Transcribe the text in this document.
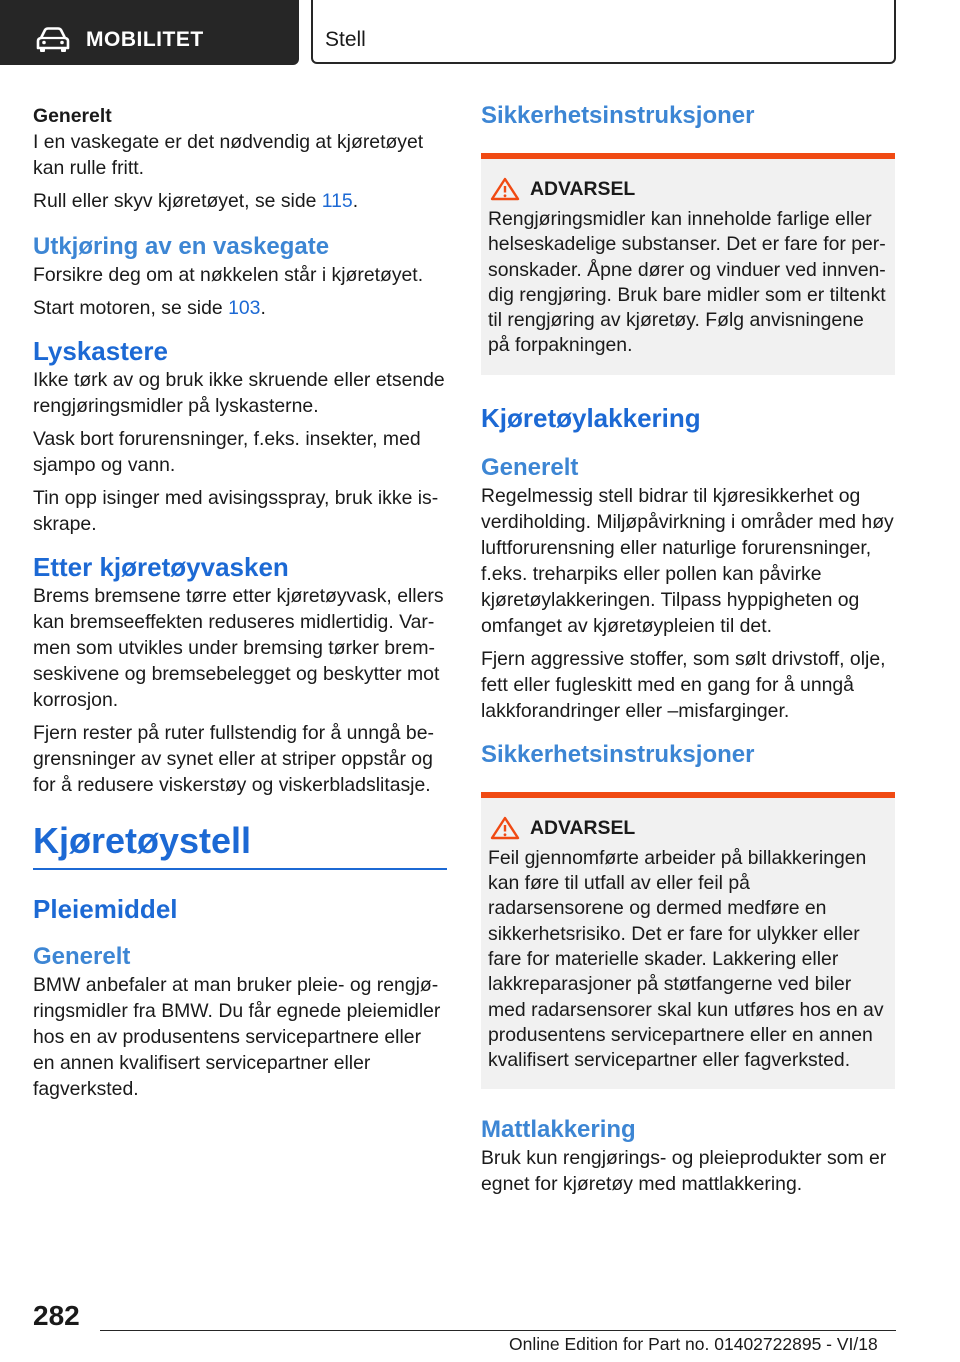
MOBILITET	Stell

Generelt

I en vaskegate er det nødvendig at kjøretøyet kan rulle fritt.

Rull eller skyv kjøretøyet, se side 115.

Utkjøring av en vaskegate

Forsikre deg om at nøkkelen står i kjøretøyet.

Start motoren, se side 103.

Lyskastere

Ikke tørk av og bruk ikke skruende eller etsende rengjøringsmidler på lyskasterne.

Vask bort forurensninger, f.eks. insekter, med sjampo og vann.

Tin opp isinger med avisingsspray, bruk ikke isskrape.

Etter kjøretøyvasken

Brems bremsene tørre etter kjøretøyvask, ellers kan bremseeffekten reduseres midlertidig. Varmen som utvikles under bremsing tørker bremseskivene og bremsebelegget og beskytter mot korrosjon.

Fjern rester på ruter fullstendig for å unngå begrensninger av synet eller at striper oppstår og for å redusere viskerstøy og viskerbladslitasje.

Kjøretøystell
Pleiemiddel
Generelt

BMW anbefaler at man bruker pleie- og rengjøringsmidler fra BMW. Du får egnede pleiemidler hos en av produsentens servicepartnere eller en annen kvalifisert servicepartner eller fagverksted.

Sikkerhetsinstruksjoner
ADVARSEL

Rengjøringsmidler kan inneholde farlige eller helseskadelige substanser. Det er fare for personskader. Åpne dører og vinduer ved innvendig rengjøring. Bruk bare midler som er tiltenkt til rengjøring av kjøretøy. Følg anvisningene på forpakningen.

Kjøretøylakkering
Generelt

Regelmessig stell bidrar til kjøresikkerhet og verdiholding. Miljøpåvirkning i områder med høy luftforurensning eller naturlige forurensninger, f.eks. treharpiks eller pollen kan påvirke kjøretøylakkeringen. Tilpass hyppigheten og omfanget av kjøretøypleien til det.

Fjern aggressive stoffer, som sølt drivstoff, olje, fett eller fugleskitt med en gang for å unngå lakkforandringer eller –misfarginger.

Sikkerhetsinstruksjoner
ADVARSEL

Feil gjennomførte arbeider på billakkeringen kan føre til utfall av eller feil på radarsensorene og dermed medføre en sikkerhetsrisiko. Det er fare for ulykker eller fare for materielle skader. Lakkering eller lakkreparasjoner på støtfangerne ved biler med radarsensorer skal kun utføres hos en av produsentens servicepartnere eller en annen kvalifisert servicepartner eller fagverksted.

Mattlakkering

Bruk kun rengjørings- og pleieprodukter som er egnet for kjøretøy med mattlakkering.

282
Online Edition for Part no. 01402722895 - VI/18
